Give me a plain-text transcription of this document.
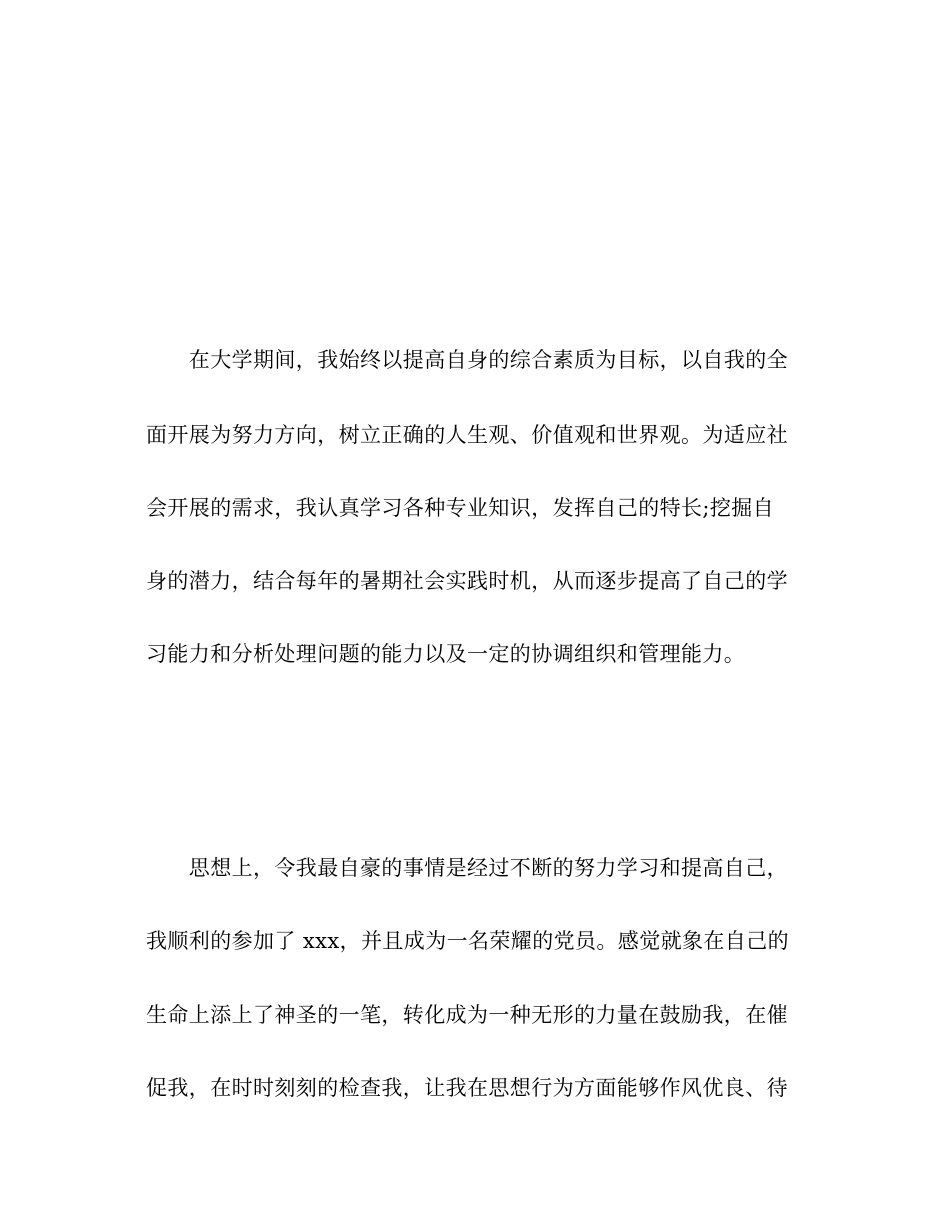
　　在大学期间，我始终以提高自身的综合素质为目标，以自我的全
面开展为努力方向，树立正确的人生观、价值观和世界观。为适应社
会开展的需求，我认真学习各种专业知识，发挥自己的特长;挖掘自
身的潜力，结合每年的暑期社会实践时机，从而逐步提高了自己的学
习能力和分析处理问题的能力以及一定的协调组织和管理能力。
　　思想上，令我最自豪的事情是经过不断的努力学习和提高自己，
我顺利的参加了 xxx，并且成为一名荣耀的党员。感觉就象在自己的
生命上添上了神圣的一笔，转化成为一种无形的力量在鼓励我，在催
促我，在时时刻刻的检查我，让我在思想行为方面能够作风优良、待
